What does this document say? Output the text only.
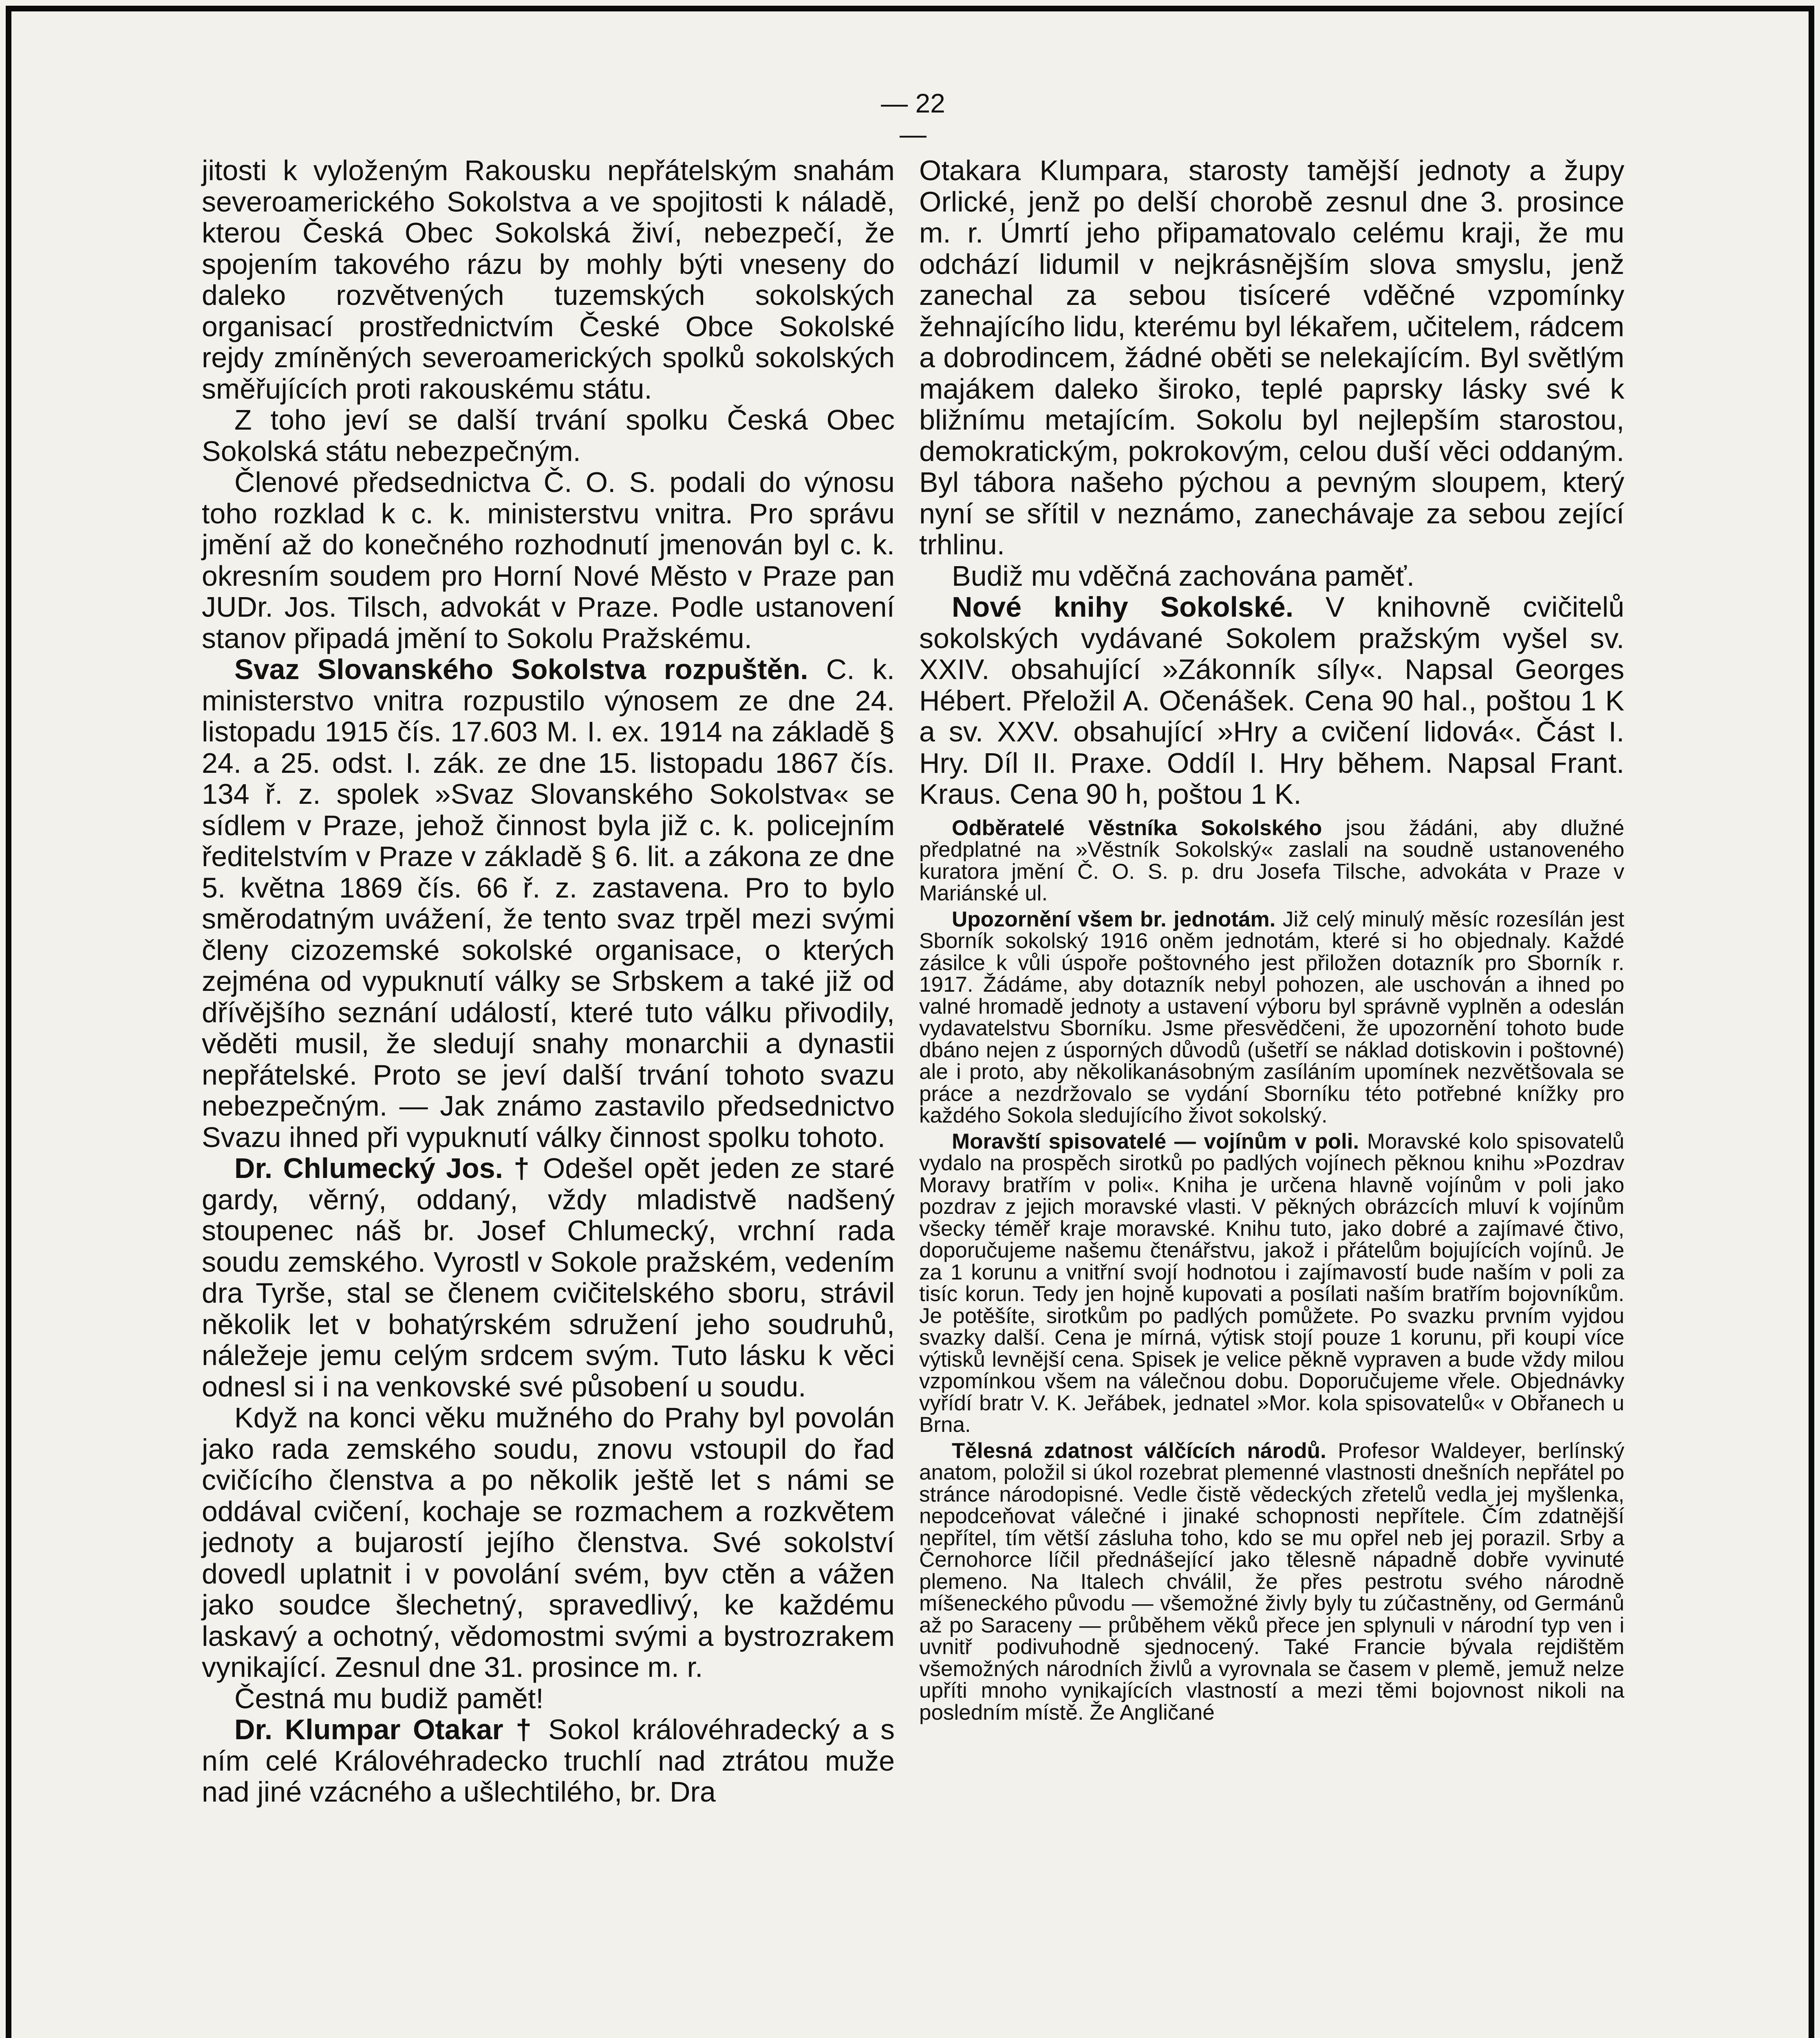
— 22 —

jitosti k vyloženým Rakousku nepřátelským snahám severoamerického Sokolstva a ve spojitosti k náladě, kterou Česká Obec Sokolská živí, nebezpečí, že spojením takového rázu by mohly býti vneseny do daleko rozvětvených tuzemských sokolských organisací prostřednictvím České Obce Sokolské rejdy zmíněných severoamerických spolků sokolských směřujících proti rakouskému státu.

Z toho jeví se další trvání spolku Česká Obec Sokolská státu nebezpečným.

Členové předsednictva Č. O. S. podali do výnosu toho rozklad k c. k. ministerstvu vnitra. Pro správu jmění až do konečného rozhodnutí jmenován byl c. k. okresním soudem pro Horní Nové Město v Praze pan JUDr. Jos. Tilsch, advokát v Praze. Podle ustanovení stanov připadá jmění to Sokolu Pražskému.

Svaz Slovanského Sokolstva rozpuštěn. C. k. ministerstvo vnitra rozpustilo výnosem ze dne 24. listopadu 1915 čís. 17.603 M. I. ex. 1914 na základě § 24. a 25. odst. I. zák. ze dne 15. listopadu 1867 čís. 134 ř. z. spolek »Svaz Slovanského Sokolstva« se sídlem v Praze, jehož činnost byla již c. k. policejním ředitelstvím v Praze v základě § 6. lit. a zákona ze dne 5. května 1869 čís. 66 ř. z. zastavena. Pro to bylo směrodatným uvážení, že tento svaz trpěl mezi svými členy cizozemské sokolské organisace, o kterých zejména od vypuknutí války se Srbskem a také již od dřívějšího seznání událostí, které tuto válku přivodily, věděti musil, že sledují snahy monarchii a dynastii nepřátelské. Proto se jeví další trvání tohoto svazu nebezpečným. — Jak známo zastavilo předsednictvo Svazu ihned při vypuknutí války činnost spolku tohoto.

Dr. Chlumecký Jos. † Odešel opět jeden ze staré gardy, věrný, oddaný, vždy mladistvě nadšený stoupenec náš br. Josef Chlumecký, vrchní rada soudu zemského. Vyrostl v Sokole pražském, vedením dra Tyrše, stal se členem cvičitelského sboru, strávil několik let v bohatýrském sdružení jeho soudruhů, náležeje jemu celým srdcem svým. Tuto lásku k věci odnesl si i na venkovské své působení u soudu.

Když na konci věku mužného do Prahy byl povolán jako rada zemského soudu, znovu vstoupil do řad cvičícího členstva a po několik ještě let s námi se oddával cvičení, kochaje se rozmachem a rozkvětem jednoty a bujarostí jejího členstva. Své sokolství dovedl uplatnit i v povolání svém, byv ctěn a vážen jako soudce šlechetný, spravedlivý, ke každému laskavý a ochotný, vědomostmi svými a bystrozrakem vynikající. Zesnul dne 31. prosince m. r.

Čestná mu budiž pamět!

Dr. Klumpar Otakar † Sokol královéhradecký a s ním celé Královéhradecko truchlí nad ztrátou muže nad jiné vzácného a ušlechtilého, br. Dra

Otakara Klumpara, starosty tamější jednoty a župy Orlické, jenž po delší chorobě zesnul dne 3. prosince m. r. Úmrtí jeho připamatovalo celému kraji, že mu odchází lidumil v nejkrásnějším slova smyslu, jenž zanechal za sebou tisíceré vděčné vzpomínky žehnajícího lidu, kterému byl lékařem, učitelem, rádcem a dobrodincem, žádné oběti se nelekajícím. Byl světlým majákem daleko široko, teplé paprsky lásky své k bližnímu metajícím. Sokolu byl nejlepším starostou, demokratickým, pokrokovým, celou duší věci oddaným. Byl tábora našeho pýchou a pevným sloupem, který nyní se sřítil v neznámo, zanechávaje za sebou zející trhlinu.

Budiž mu vděčná zachována paměť.

Nové knihy Sokolské. V knihovně cvičitelů sokolských vydávané Sokolem pražským vyšel sv. XXIV. obsahující »Zákonník síly«. Napsal Georges Hébert. Přeložil A. Očenášek. Cena 90 hal., poštou 1 K a sv. XXV. obsahující »Hry a cvičení lidová«. Část I. Hry. Díl II. Praxe. Oddíl I. Hry během. Napsal Frant. Kraus. Cena 90 h, poštou 1 K.

Odběratelé Věstníka Sokolského jsou žádáni, aby dlužné předplatné na »Věstník Sokolský« zaslali na soudně ustanoveného kuratora jmění Č. O. S. p. dru Josefa Tilsche, advokáta v Praze v Mariánské ul.

Upozornění všem br. jednotám. Již celý minulý měsíc rozesílán jest Sborník sokolský 1916 oněm jednotám, které si ho objednaly. Každé zásilce k vůli úspoře poštovného jest přiložen dotazník pro Sborník r. 1917. Žádáme, aby dotazník nebyl pohozen, ale uschován a ihned po valné hromadě jednoty a ustavení výboru byl správně vyplněn a odeslán vydavatelstvu Sborníku. Jsme přesvědčeni, že upozornění tohoto bude dbáno nejen z úsporných důvodů (ušetří se náklad dotiskovin i poštovné) ale i proto, aby několikanásobným zasíláním upomínek nezvětšovala se práce a nezdržovalo se vydání Sborníku této potřebné knížky pro každého Sokola sledujícího život sokolský.

Moravští spisovatelé — vojínům v poli. Moravské kolo spisovatelů vydalo na prospěch sirotků po padlých vojínech pěknou knihu »Pozdrav Moravy bratřím v poli«. Kniha je určena hlavně vojínům v poli jako pozdrav z jejich moravské vlasti. V pěkných obrázcích mluví k vojínům všecky téměř kraje moravské. Knihu tuto, jako dobré a zajímavé čtivo, doporučujeme našemu čtenářstvu, jakož i přátelům bojujících vojínů. Je za 1 korunu a vnitřní svojí hodnotou i zajímavostí bude naším v poli za tisíc korun. Tedy jen hojně kupovati a posílati naším bratřím bojovníkům. Je potěšíte, sirotkům po padlých pomůžete. Po svazku prvním vyjdou svazky další. Cena je mírná, výtisk stojí pouze 1 korunu, při koupi více výtisků levnější cena. Spisek je velice pěkně vypraven a bude vždy milou vzpomínkou všem na válečnou dobu. Doporučujeme vřele. Objednávky vyřídí bratr V. K. Jeřábek, jednatel »Mor. kola spisovatelů« v Obřanech u Brna.

Tělesná zdatnost válčících národů. Profesor Waldeyer, berlínský anatom, položil si úkol rozebrat plemenné vlastnosti dnešních nepřátel po stránce národopisné. Vedle čistě vědeckých zřetelů vedla jej myšlenka, nepodceňovat válečné i jinaké schopnosti nepřítele. Čím zdatnější nepřítel, tím větší zásluha toho, kdo se mu opřel neb jej porazil. Srby a Černohorce líčil přednášející jako tělesně nápadně dobře vyvinuté plemeno. Na Italech chválil, že přes pestrotu svého národně míšeneckého původu — všemožné živly byly tu zúčastněny, od Germánů až po Saraceny — průběhem věků přece jen splynuli v národní typ ven i uvnitř podivuhodně sjednocený. Také Francie bývala rejdištěm všemožných národních živlů a vyrovnala se časem v plemě, jemuž nelze upříti mnoho vynikajících vlastností a mezi těmi bojovnost nikoli na posledním místě. Že Angličané
